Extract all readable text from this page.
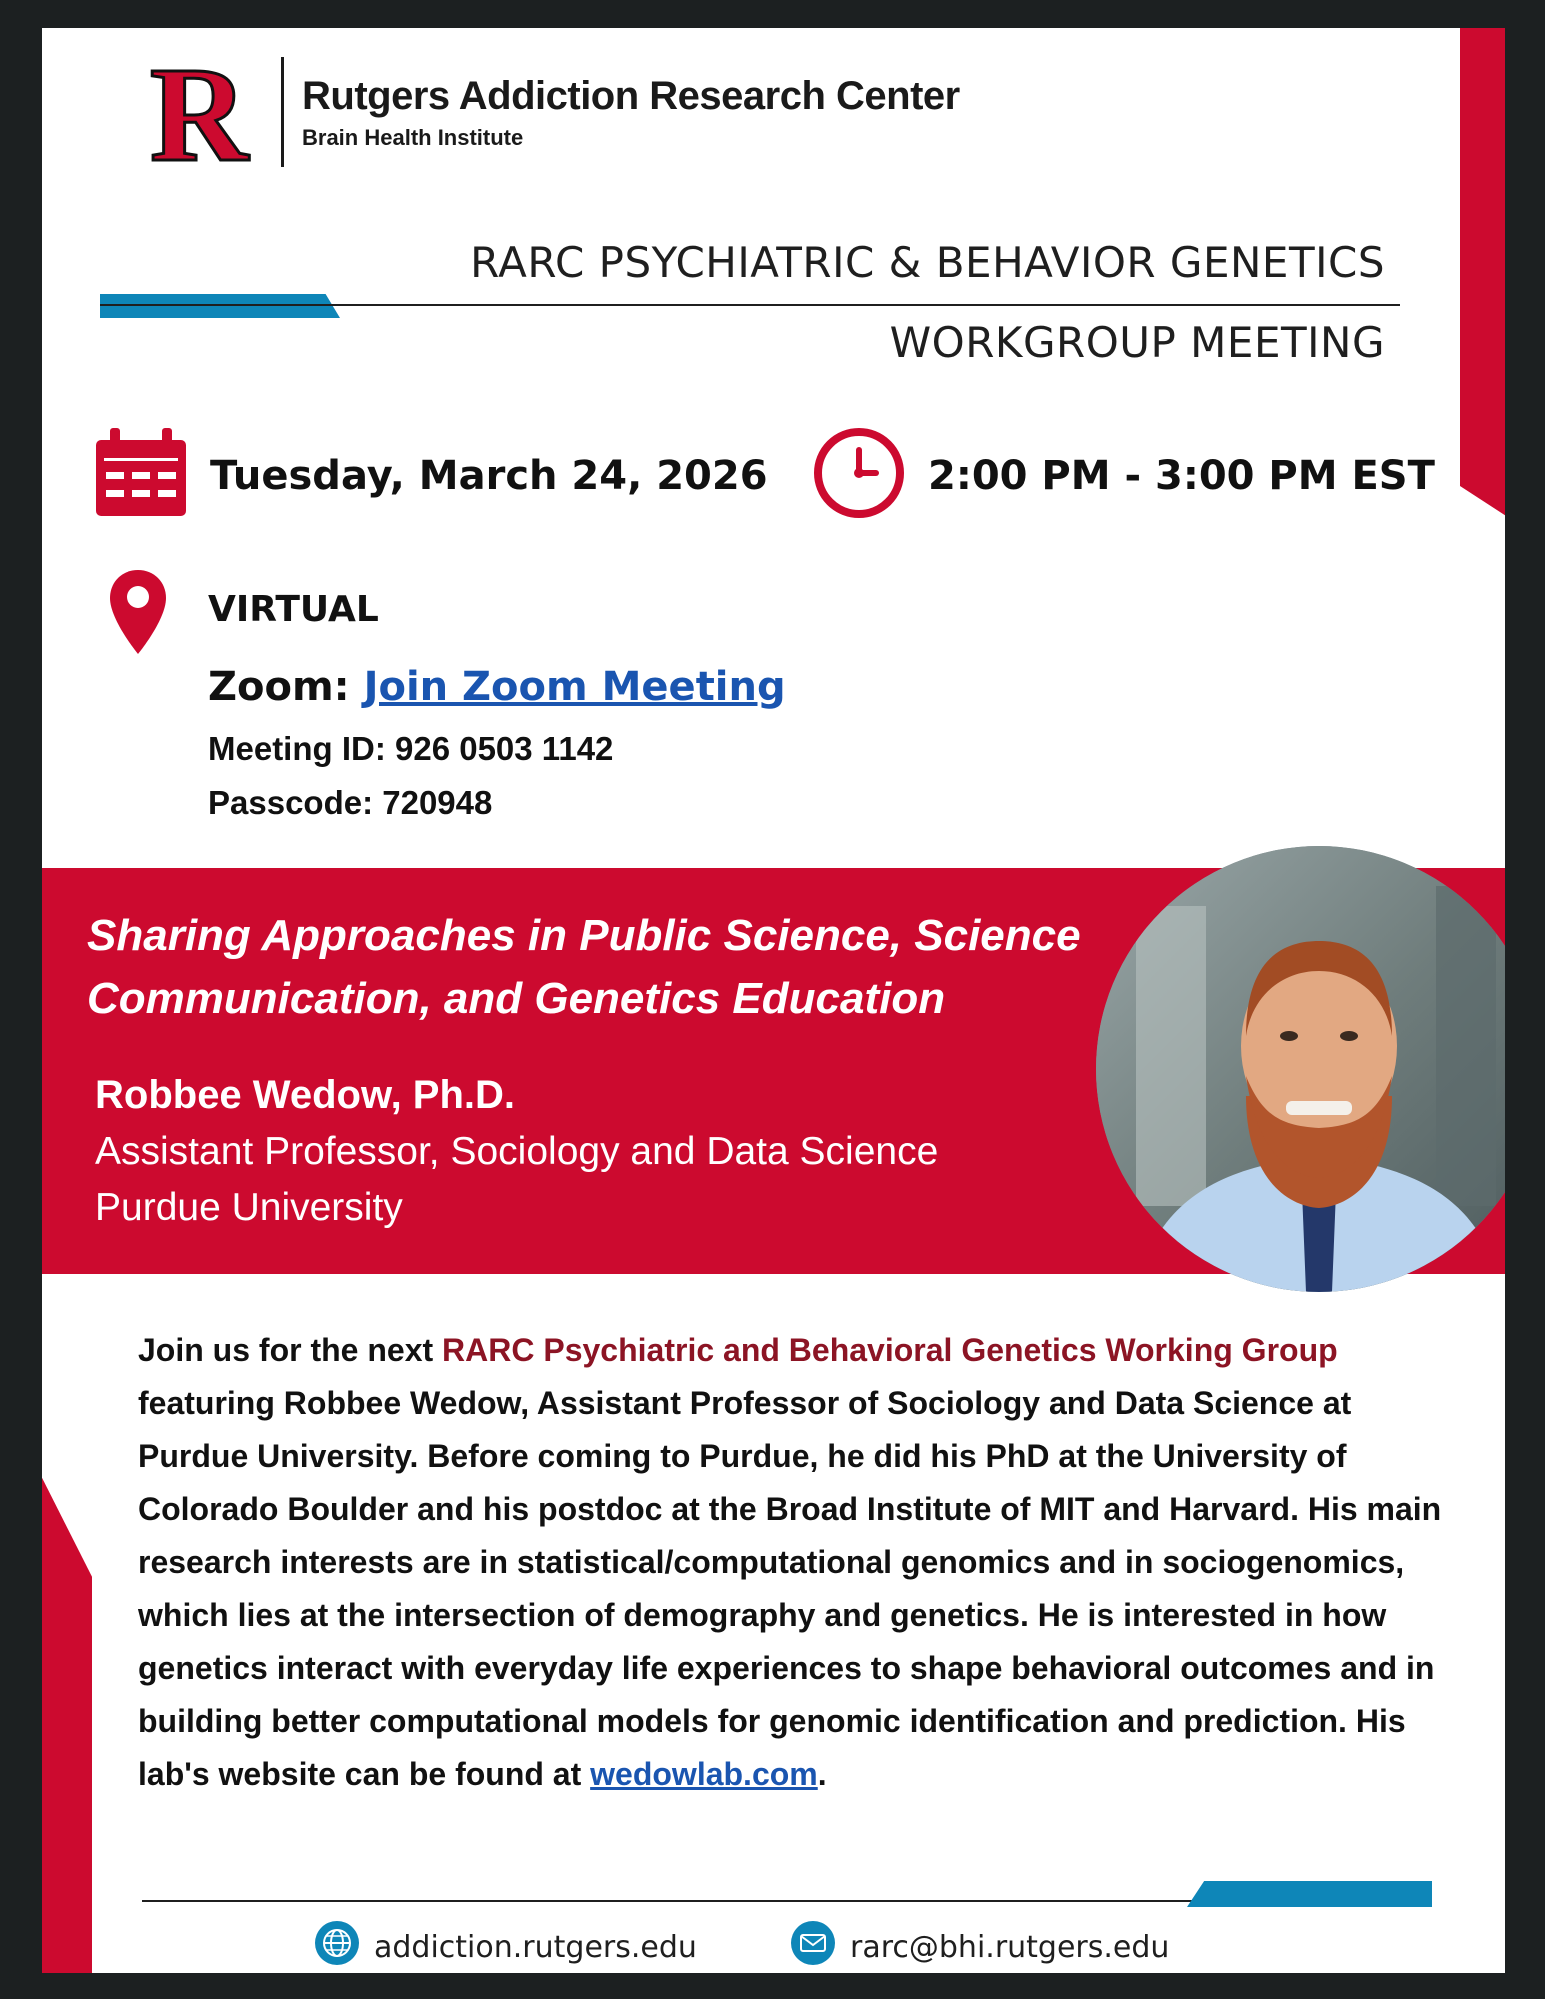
R Rutgers Addiction Research Center
Brain Health Institute
RARC PSYCHIATRIC & BEHAVIOR GENETICS
WORKGROUP MEETING
Tuesday, March 24, 2026	2:00 PM - 3:00 PM EST
VIRTUAL
Zoom: Join Zoom Meeting
Meeting ID: 926 0503 1142
Passcode: 720948
Sharing Approaches in Public Science, Science Communication, and Genetics Education
Robbee Wedow, Ph.D.
Assistant Professor, Sociology and Data Science
Purdue University
Join us for the next RARC Psychiatric and Behavioral Genetics Working Group featuring Robbee Wedow, Assistant Professor of Sociology and Data Science at Purdue University. Before coming to Purdue, he did his PhD at the University of Colorado Boulder and his postdoc at the Broad Institute of MIT and Harvard. His main research interests are in statistical/computational genomics and in sociogenomics, which lies at the intersection of demography and genetics. He is interested in how genetics interact with everyday life experiences to shape behavioral outcomes and in building better computational models for genomic identification and prediction. His lab's website can be found at wedowlab.com.
addiction.rutgers.edu	rarc@bhi.rutgers.edu
